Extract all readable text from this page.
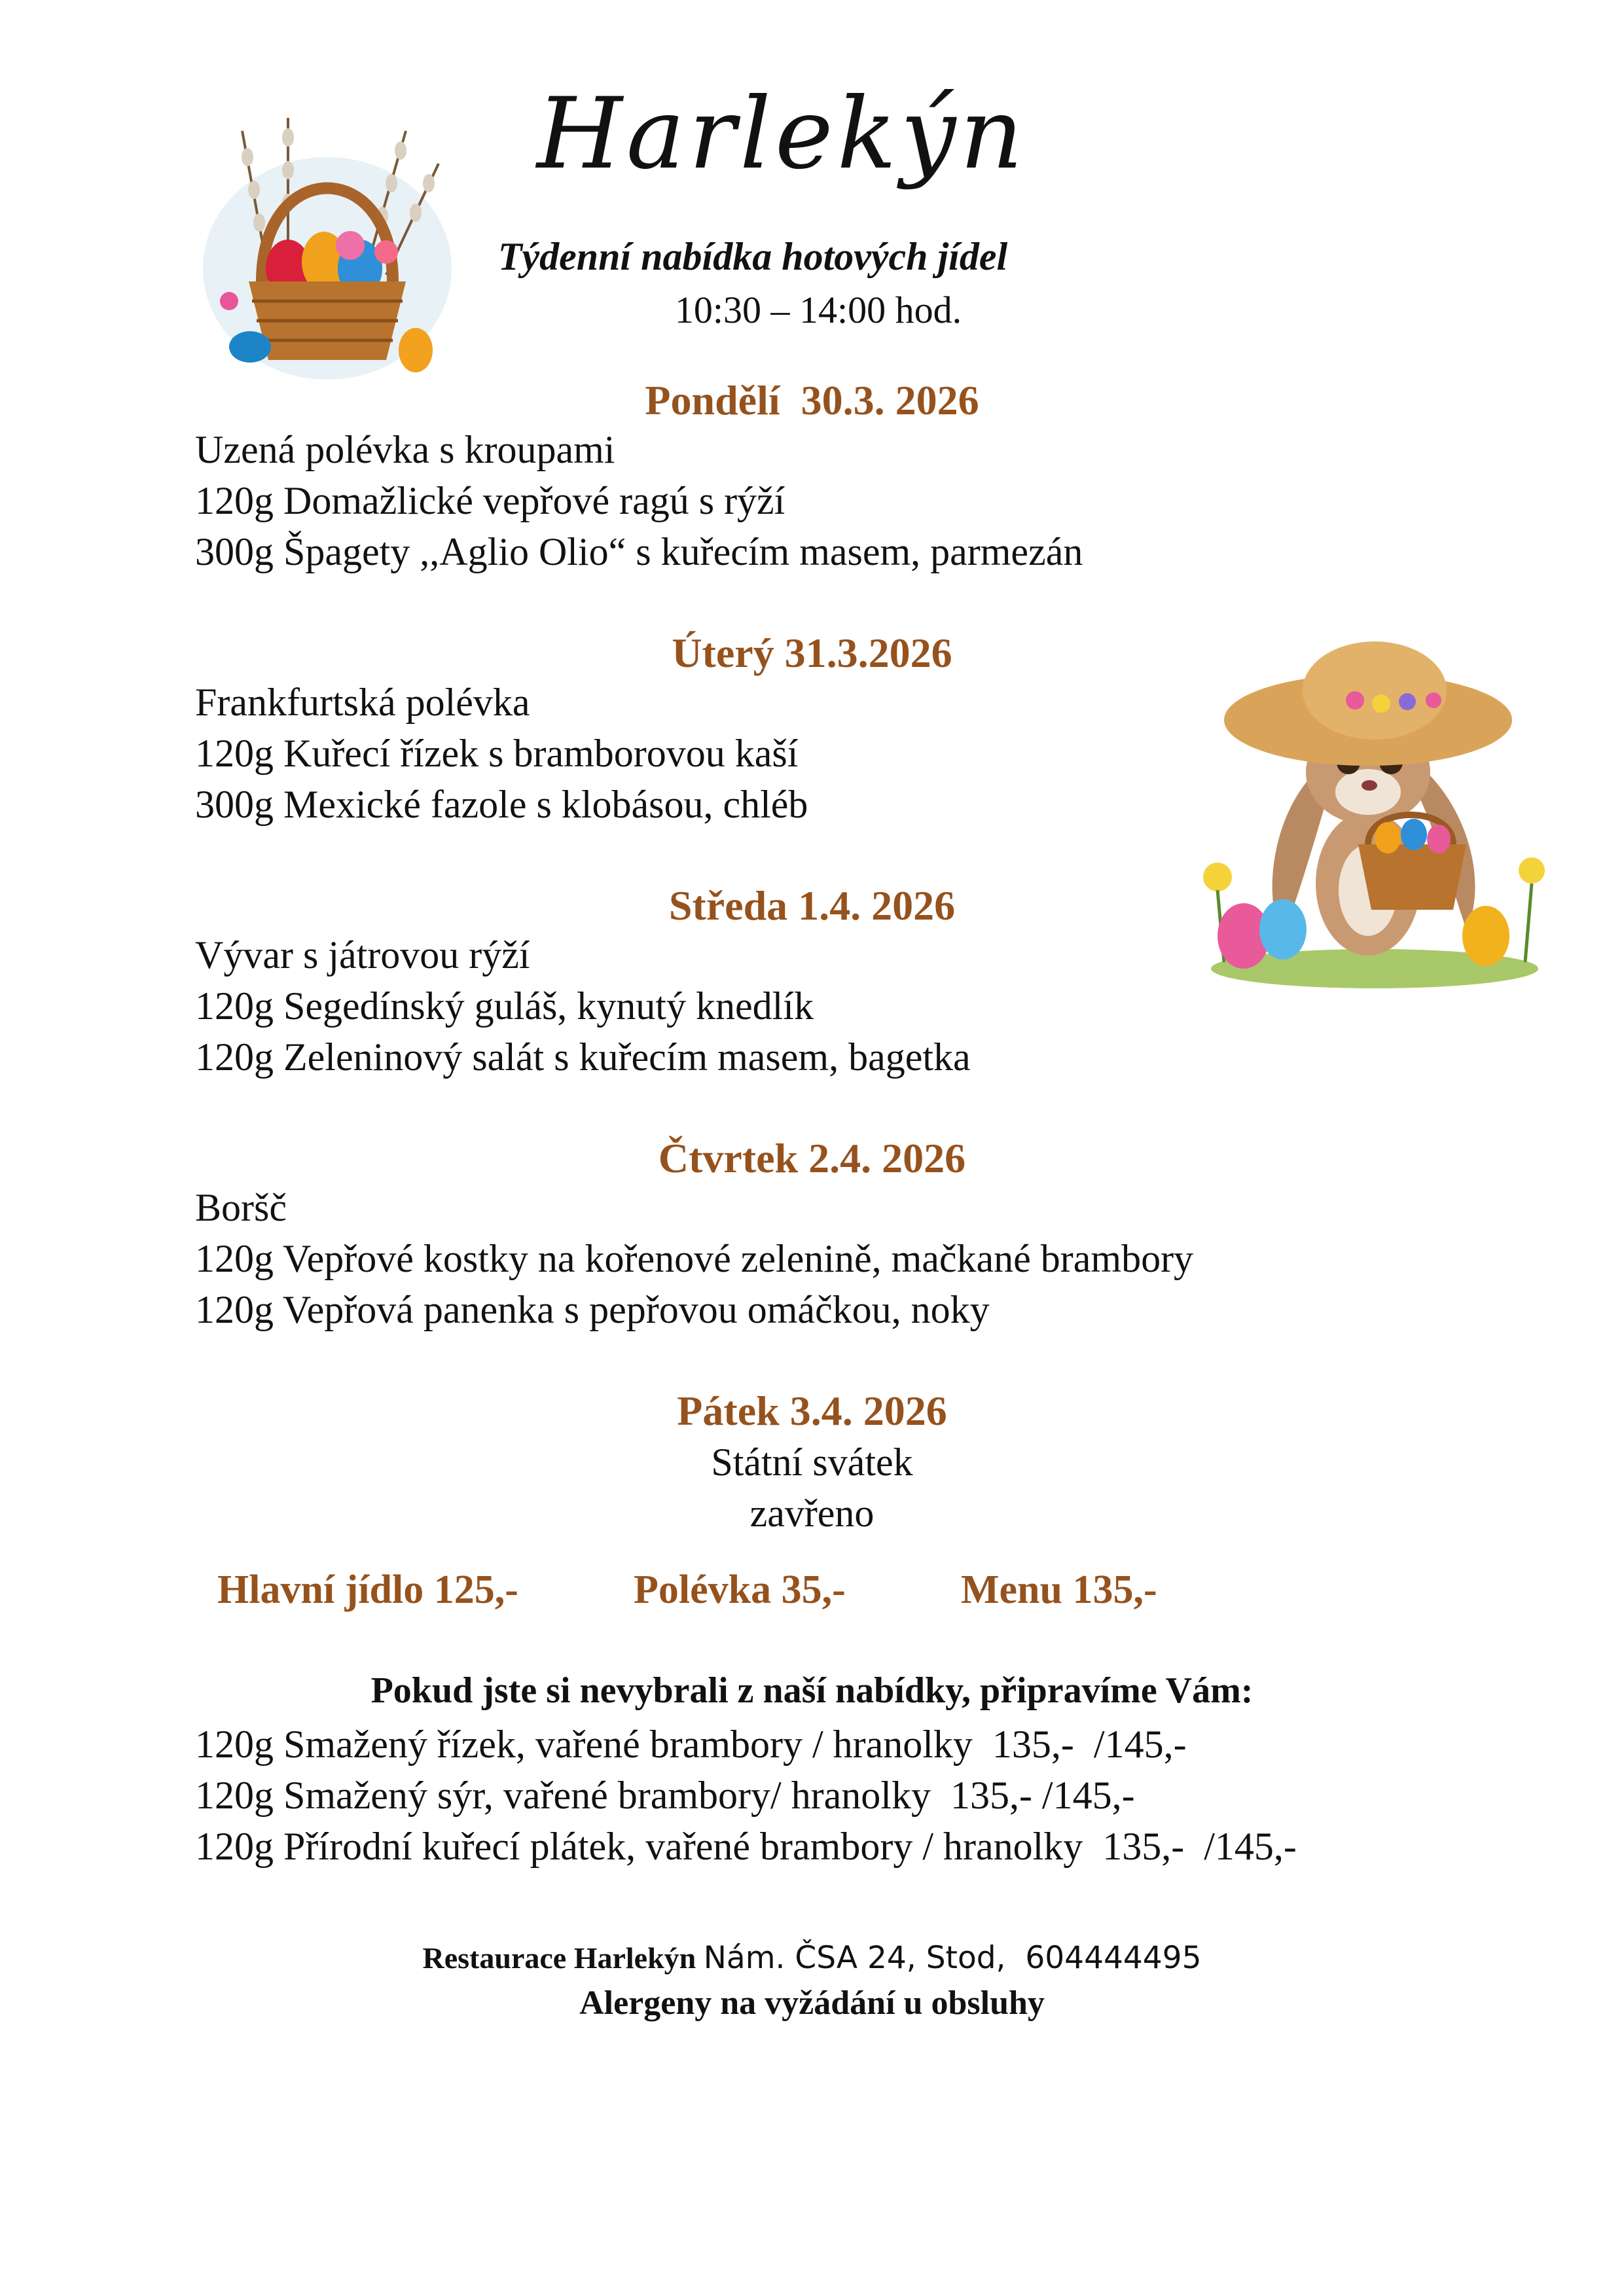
Harlekýn
Týdenní nabídka hotových jídel
10:30 – 14:00 hod.
Pondělí  30.3. 2026
Uzená polévka s kroupami
120g Domažlické vepřové ragú s rýží
300g Špagety ,,Aglio Olio“ s kuřecím masem, parmezán
Úterý 31.3.2026
Frankfurtská polévka
120g Kuřecí řízek s bramborovou kaší
300g Mexické fazole s klobásou, chléb
Středa 1.4. 2026
Vývar s játrovou rýží
120g Segedínský guláš, kynutý knedlík
120g Zeleninový salát s kuřecím masem, bagetka
Čtvrtek 2.4. 2026
Boršč
120g Vepřové kostky na kořenové zelenině, mačkané brambory
120g Vepřová panenka s pepřovou omáčkou, noky
Pátek 3.4. 2026
Státní svátek
zavřeno
Hlavní jídlo 125,-	Polévka 35,-	Menu 135,-
Pokud jste si nevybrali z naší nabídky, připravíme Vám:
120g Smažený řízek, vařené brambory / hranolky  135,-  /145,-
120g Smažený sýr, vařené brambory/ hranolky  135,- /145,-
120g Přírodní kuřecí plátek, vařené brambory / hranolky  135,-  /145,-
Restaurace Harlekýn Nám. ČSA 24, Stod,  604444495
Alergeny na vyžádání u obsluhy
